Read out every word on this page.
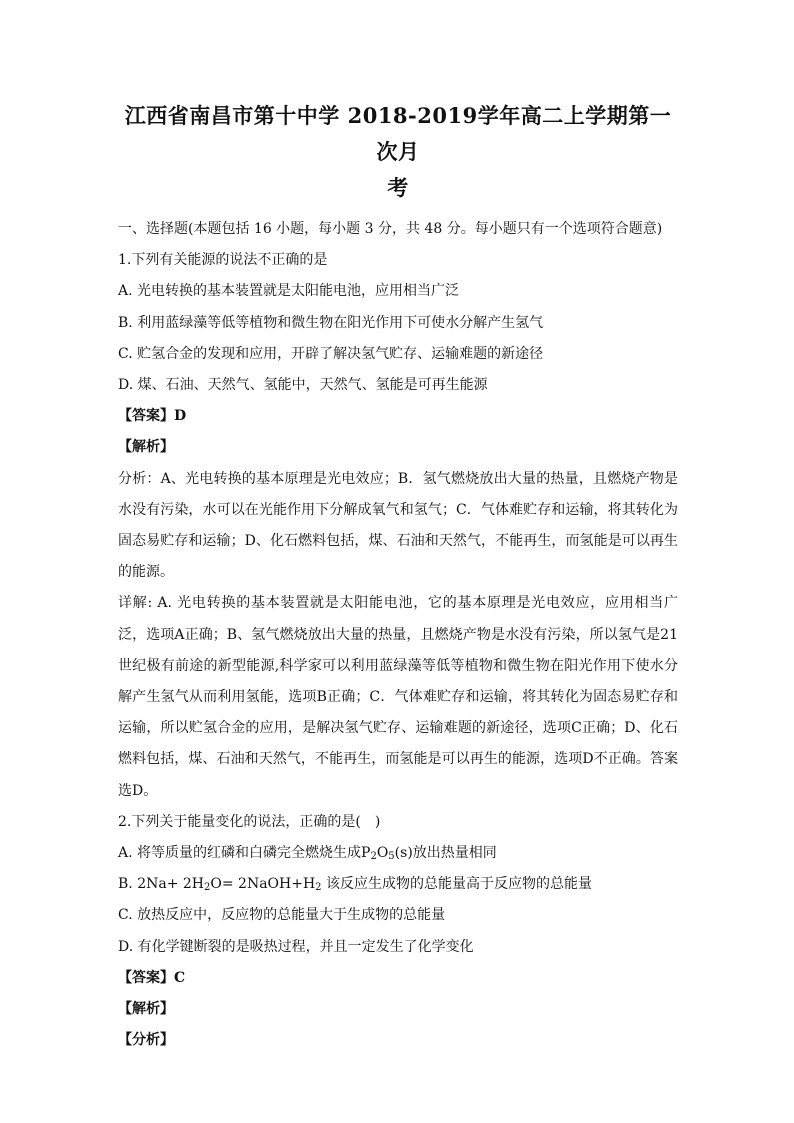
江西省南昌市第十中学 2018-2019学年高二上学期第一次月
考
一、选择题(本题包括 16 小题，每小题 3 分，共 48 分。每小题只有一个选项符合题意)
1.下列有关能源的说法不正确的是
A. 光电转换的基本装置就是太阳能电池，应用相当广泛
B. 利用蓝绿藻等低等植物和微生物在阳光作用下可使水分解产生氢气
C. 贮氢合金的发现和应用，开辟了解决氢气贮存、运输难题的新途径
D. 煤、石油、天然气、氢能中，天然气、氢能是可再生能源
【答案】D
【解析】
分析：A、光电转换的基本原理是光电效应；B．氢气燃烧放出大量的热量，且燃烧产物是水没有污染，水可以在光能作用下分解成氧气和氢气；C．气体难贮存和运输，将其转化为固态易贮存和运输；D、化石燃料包括，煤、石油和天然气，不能再生，而氢能是可以再生的能源。
详解: A. 光电转换的基本装置就是太阳能电池，它的基本原理是光电效应，应用相当广泛，选项A正确；B、氢气燃烧放出大量的热量，且燃烧产物是水没有污染，所以氢气是21世纪极有前途的新型能源,科学家可以利用蓝绿藻等低等植物和微生物在阳光作用下使水分解产生氢气从而利用氢能，选项B正确；C．气体难贮存和运输，将其转化为固态易贮存和运输，所以贮氢合金的应用，是解决氢气贮存、运输难题的新途径，选项C正确；D、化石燃料包括，煤、石油和天然气，不能再生，而氢能是可以再生的能源，选项D不正确。答案选D。
2.下列关于能量变化的说法，正确的是(　)
A. 将等质量的红磷和白磷完全燃烧生成$P_2O_5(s)$放出热量相同
B. $2Na+ 2H_2O=$ $2NaOH+H_2$ 该反应生成物的总能量高于反应物的总能量
C. 放热反应中，反应物的总能量大于生成物的总能量
D. 有化学键断裂的是吸热过程，并且一定发生了化学变化
【答案】C
【解析】
【分析】
